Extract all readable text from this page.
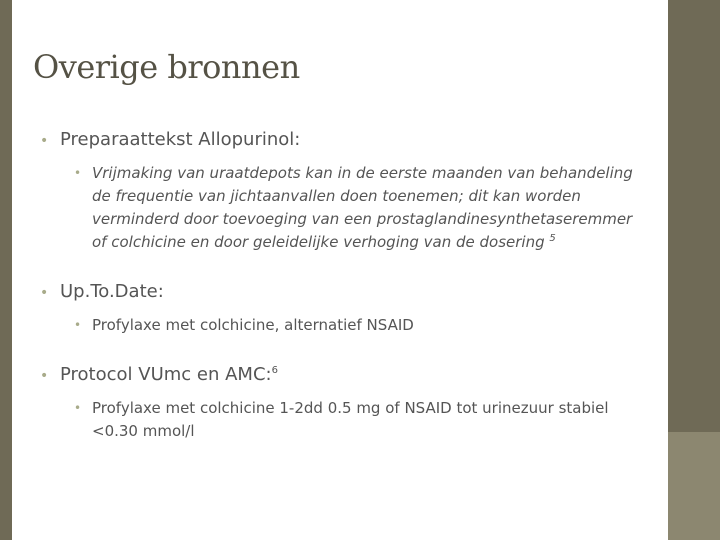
Overige bronnen
• Preparaattekst Allopurinol:
• Vrijmaking van uraatdepots kan in de eerste maanden van behandeling de frequentie van jichtaanvallen doen toenemen; dit kan worden verminderd door toevoeging van een prostaglandinesynthetaseremmer of colchicine en door geleidelijke verhoging van de dosering $^5$
• Up.To.Date:
• Profylaxe met colchicine, alternatief NSAID
• Protocol VUmc en AMC:$^6$
• Profylaxe met colchicine 1-2dd 0.5 mg of NSAID tot urinezuur stabiel <0.30 mmol/l
